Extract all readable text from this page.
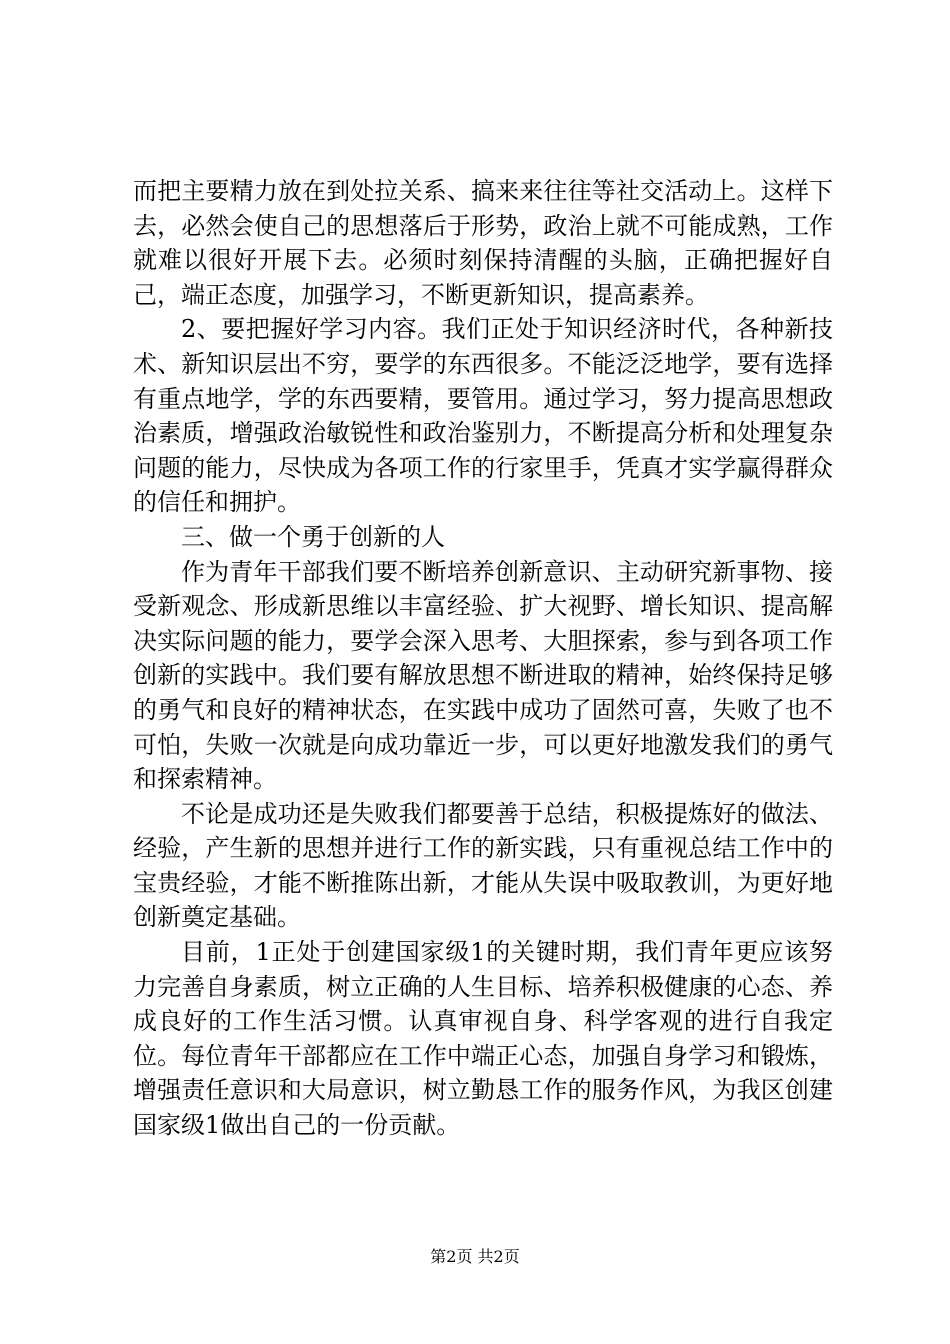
而把主要精力放在到处拉关系、搞来来往往等社交活动上。这样下去，必然会使自己的思想落后于形势，政治上就不可能成熟，工作就难以很好开展下去。必须时刻保持清醒的头脑，正确把握好自己，端正态度，加强学习，不断更新知识，提高素养。

2、要把握好学习内容。我们正处于知识经济时代，各种新技术、新知识层出不穷，要学的东西很多。不能泛泛地学，要有选择有重点地学，学的东西要精，要管用。通过学习，努力提高思想政治素质，增强政治敏锐性和政治鉴别力，不断提高分析和处理复杂问题的能力，尽快成为各项工作的行家里手，凭真才实学赢得群众的信任和拥护。

三、做一个勇于创新的人

作为青年干部我们要不断培养创新意识、主动研究新事物、接受新观念、形成新思维以丰富经验、扩大视野、增长知识、提高解决实际问题的能力，要学会深入思考、大胆探索，参与到各项工作创新的实践中。我们要有解放思想不断进取的精神，始终保持足够的勇气和良好的精神状态，在实践中成功了固然可喜，失败了也不可怕，失败一次就是向成功靠近一步，可以更好地激发我们的勇气和探索精神。

不论是成功还是失败我们都要善于总结，积极提炼好的做法、经验，产生新的思想并进行工作的新实践，只有重视总结工作中的宝贵经验，才能不断推陈出新，才能从失误中吸取教训，为更好地创新奠定基础。

目前，1正处于创建国家级1的关键时期，我们青年更应该努力完善自身素质，树立正确的人生目标、培养积极健康的心态、养成良好的工作生活习惯。认真审视自身、科学客观的进行自我定位。每位青年干部都应在工作中端正心态，加强自身学习和锻炼，增强责任意识和大局意识，树立勤恳工作的服务作风，为我区创建国家级1做出自己的一份贡献。

第2页 共2页
